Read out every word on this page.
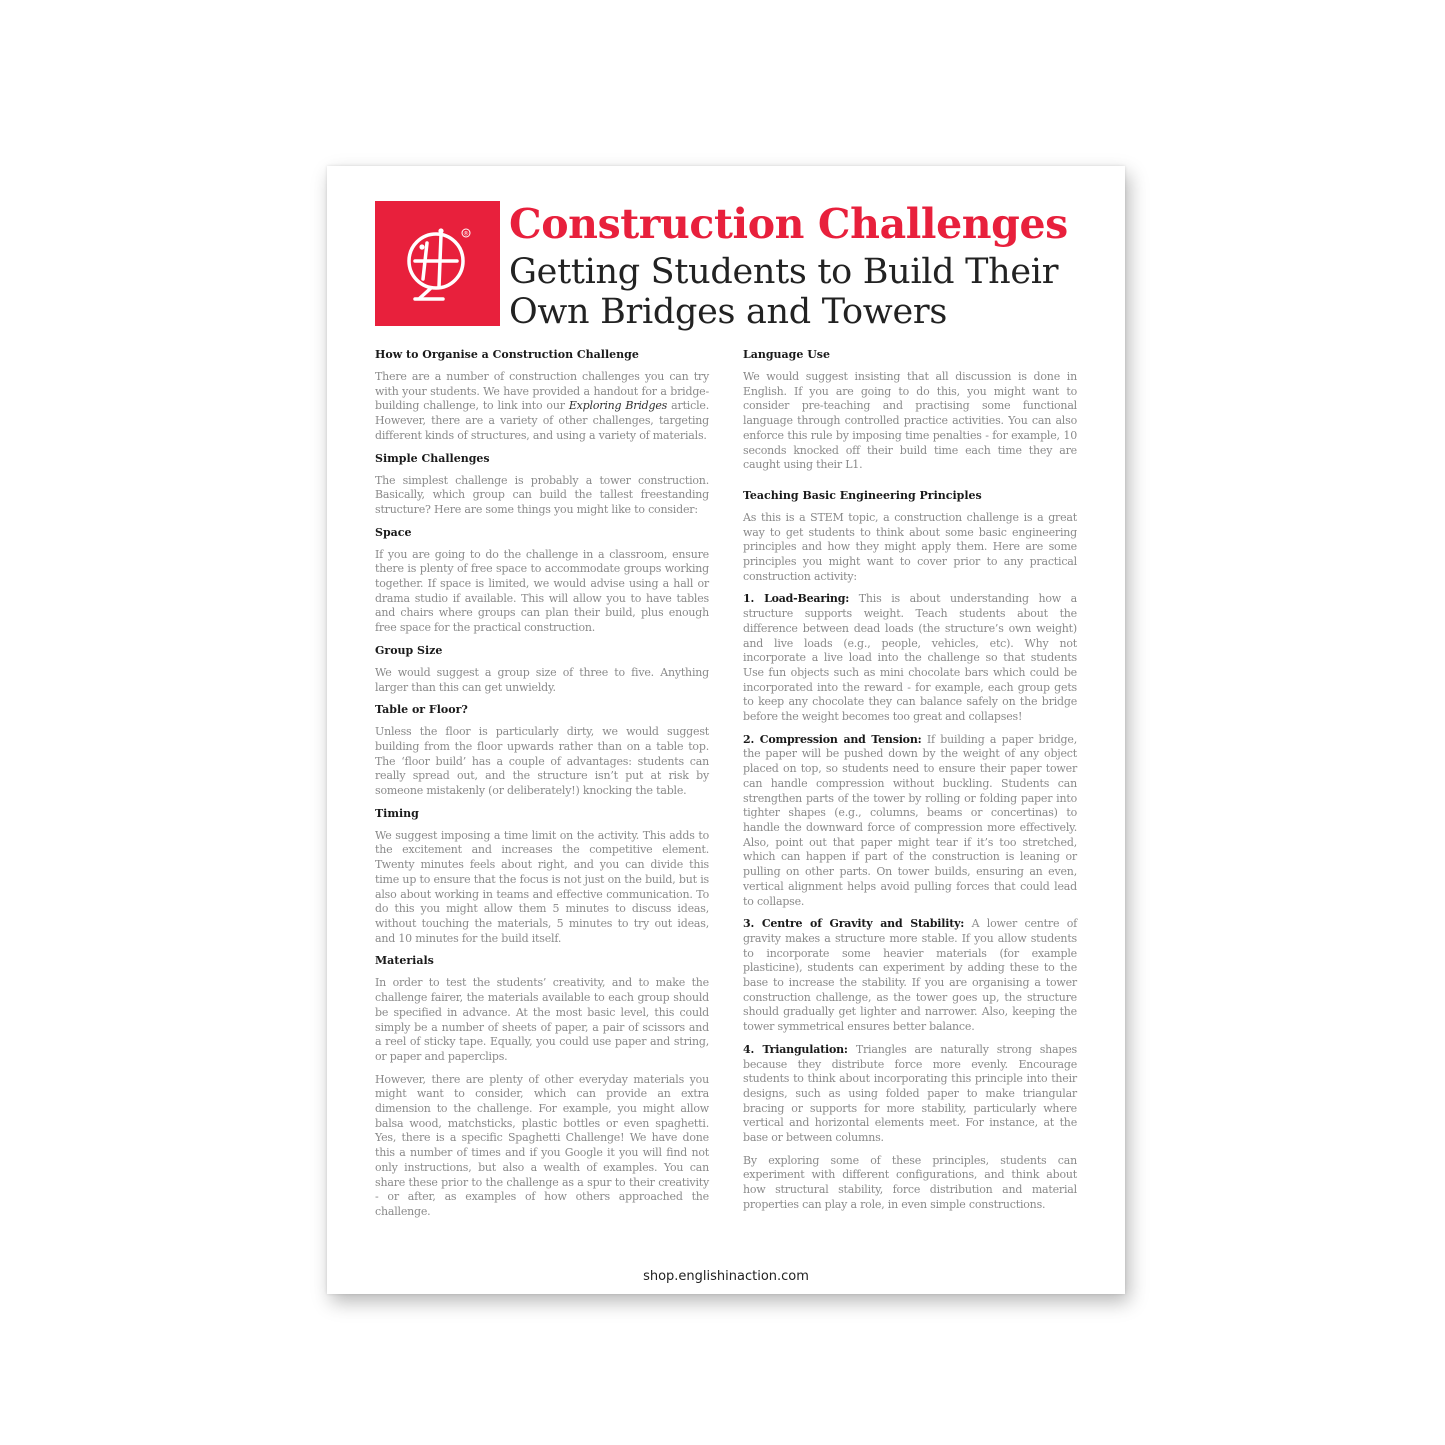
® Construction Challenges
Getting Students to Build Their Own Bridges and Towers

How to Organise a Construction Challenge

There are a number of construction challenges you can try with your students. We have provided a handout for a bridge-building challenge, to link into our Exploring Bridges article. However, there are a variety of other challenges, targeting different kinds of structures, and using a variety of materials.

Simple Challenges

The simplest challenge is probably a tower construction. Basically, which group can build the tallest freestanding structure? Here are some things you might like to consider:

Space

If you are going to do the challenge in a classroom, ensure there is plenty of free space to accommodate groups working together. If space is limited, we would advise using a hall or drama studio if available. This will allow you to have tables and chairs where groups can plan their build, plus enough free space for the practical construction.

Group Size

We would suggest a group size of three to five. Anything larger than this can get unwieldy.

Table or Floor?

Unless the floor is particularly dirty, we would suggest building from the floor upwards rather than on a table top. The ‘floor build’ has a couple of advantages: students can really spread out, and the structure isn’t put at risk by someone mistakenly (or deliberately!) knocking the table.

Timing

We suggest imposing a time limit on the activity. This adds to the excitement and increases the competitive element. Twenty minutes feels about right, and you can divide this time up to ensure that the focus is not just on the build, but is also about working in teams and effective communication. To do this you might allow them 5 minutes to discuss ideas, without touching the materials, 5 minutes to try out ideas, and 10 minutes for the build itself.

Materials

In order to test the students’ creativity, and to make the challenge fairer, the materials available to each group should be specified in advance. At the most basic level, this could simply be a number of sheets of paper, a pair of scissors and a reel of sticky tape. Equally, you could use paper and string, or paper and paperclips.

However, there are plenty of other everyday materials you might want to consider, which can provide an extra dimension to the challenge. For example, you might allow balsa wood, matchsticks, plastic bottles or even spaghetti. Yes, there is a specific Spaghetti Challenge! We have done this a number of times and if you Google it you will find not only instructions, but also a wealth of examples. You can share these prior to the challenge as a spur to their creativity - or after, as examples of how others approached the challenge.

Language Use

We would suggest insisting that all discussion is done in English. If you are going to do this, you might want to consider pre-teaching and practising some functional language through controlled practice activities. You can also enforce this rule by imposing time penalties - for example, 10 seconds knocked off their build time each time they are caught using their L1.

Teaching Basic Engineering Principles

As this is a STEM topic, a construction challenge is a great way to get students to think about some basic engineering principles and how they might apply them. Here are some principles you might want to cover prior to any practical construction activity:

1. Load-Bearing: This is about understanding how a structure supports weight. Teach students about the difference between dead loads (the structure’s own weight) and live loads (e.g., people, vehicles, etc). Why not incorporate a live load into the challenge so that students Use fun objects such as mini chocolate bars which could be incorporated into the reward - for example, each group gets to keep any chocolate they can balance safely on the bridge before the weight becomes too great and collapses!

2. Compression and Tension: If building a paper bridge, the paper will be pushed down by the weight of any object placed on top, so students need to ensure their paper tower can handle compression without buckling. Students can strengthen parts of the tower by rolling or folding paper into tighter shapes (e.g., columns, beams or concertinas) to handle the downward force of compression more effectively. Also, point out that paper might tear if it’s too stretched, which can happen if part of the construction is leaning or pulling on other parts. On tower builds, ensuring an even, vertical alignment helps avoid pulling forces that could lead to collapse.

3. Centre of Gravity and Stability: A lower centre of gravity makes a structure more stable. If you allow students to incorporate some heavier materials (for example plasticine), students can experiment by adding these to the base to increase the stability. If you are organising a tower construction challenge, as the tower goes up, the structure should gradually get lighter and narrower. Also, keeping the tower symmetrical ensures better balance.

4. Triangulation: Triangles are naturally strong shapes because they distribute force more evenly. Encourage students to think about incorporating this principle into their designs, such as using folded paper to make triangular bracing or supports for more stability, particularly where vertical and horizontal elements meet. For instance, at the base or between columns.

By exploring some of these principles, students can experiment with different configurations, and think about how structural stability, force distribution and material properties can play a role, in even simple constructions.

shop.englishinaction.com
